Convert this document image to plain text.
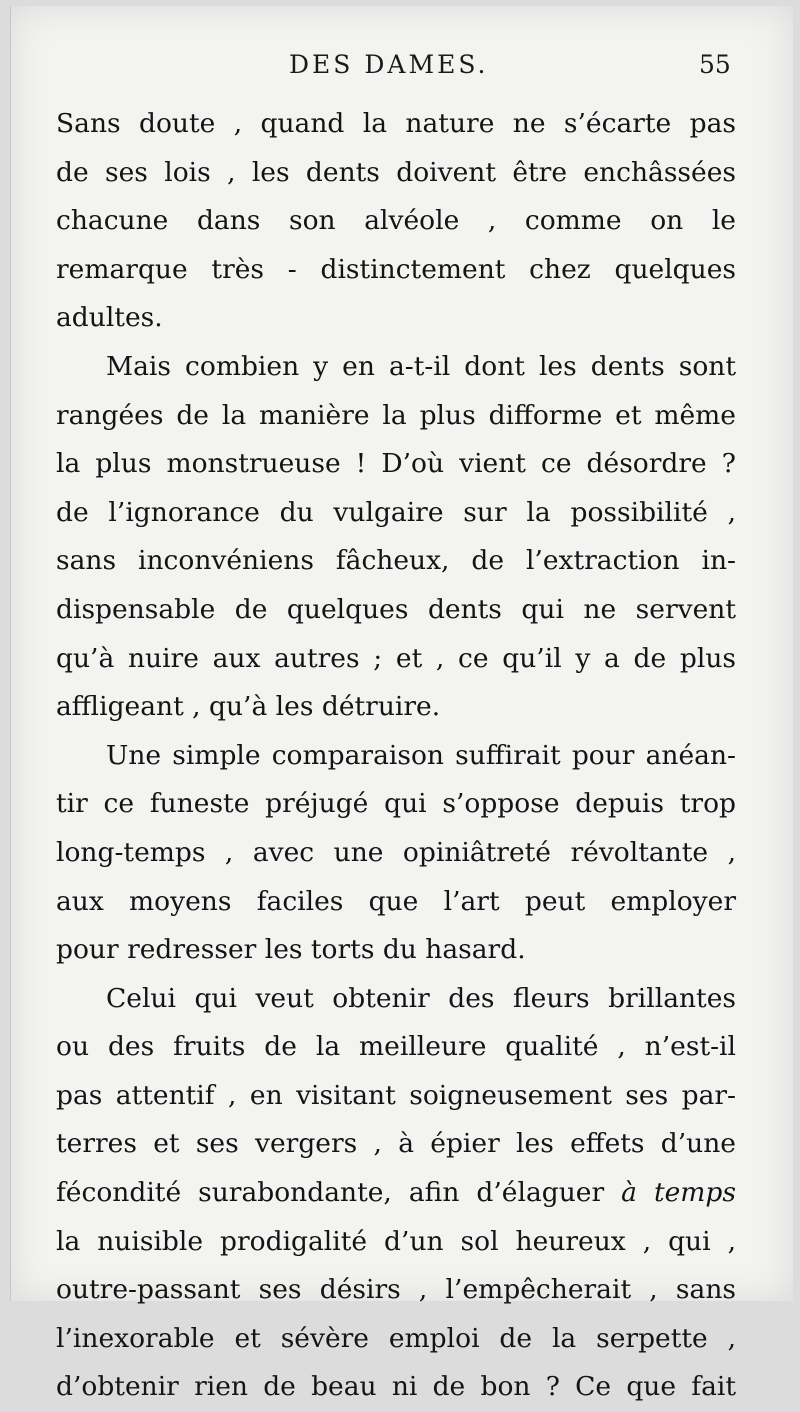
DES DAMES.	55
Sans doute , quand la nature ne s’écarte pas
de ses lois , les dents doivent être enchâssées
chacune dans son alvéole , comme on le
remarque très - distinctement chez quelques
adultes.
Mais combien y en a-t-il dont les dents sont
rangées de la manière la plus difforme et même
la plus monstrueuse ! D’où vient ce désordre ?
de l’ignorance du vulgaire sur la possibilité ,
sans inconvéniens fâcheux, de l’extraction in-
dispensable de quelques dents qui ne servent
qu’à nuire aux autres ; et , ce qu’il y a de plus
affligeant , qu’à les détruire.
Une simple comparaison suffirait pour anéan-
tir ce funeste préjugé qui s’oppose depuis trop
long-temps , avec une opiniâtreté révoltante ,
aux moyens faciles que l’art peut employer
pour redresser les torts du hasard.
Celui qui veut obtenir des fleurs brillantes
ou des fruits de la meilleure qualité , n’est-il
pas attentif , en visitant soigneusement ses par-
terres et ses vergers , à épier les effets d’une
fécondité surabondante, afin d’élaguer à temps
la nuisible prodigalité d’un sol heureux , qui ,
outre-passant ses désirs , l’empêcherait , sans
l’inexorable et sévère emploi de la serpette ,
d’obtenir rien de beau ni de bon ? Ce que fait
